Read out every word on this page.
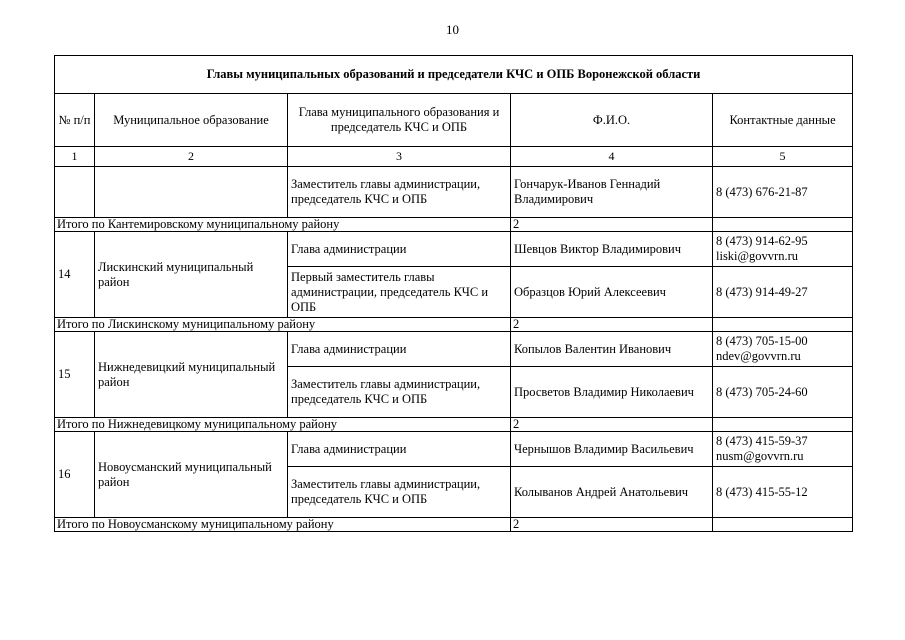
10
Главы муниципальных образований и председатели КЧС и ОПБ Воронежской области				
№ п/п	Муниципальное образование	Глава муниципального образования и председатель КЧС и ОПБ	Ф.И.О.	Контактные данные
1	2	3	4	5
		Заместитель главы администрации, председатель КЧС и ОПБ	Гончарук-Иванов Геннадий Владимирович	8 (473) 676-21-87
Итого по Кантемировскому муниципальному району			2	
14	Лискинский муниципальный район	Глава администрации	Шевцов Виктор Владимирович	8 (473) 914-62-95
liski@govvrn.ru

		Первый заместитель главы администрации, председатель КЧС и ОПБ	Образцов Юрий Алексеевич	8 (473) 914-49-27
Итого по Лискинскому муниципальному району			2	
15	Нижнедевицкий муниципальный район	Глава администрации	Копылов Валентин Иванович	8 (473) 705-15-00
ndev@govvrn.ru

		Заместитель главы администрации, председатель КЧС и ОПБ	Просветов Владимир Николаевич	8 (473) 705-24-60
Итого по Нижнедевицкому муниципальному району			2	
16	Новоусманский муниципальный район	Глава администрации	Чернышов Владимир Васильевич	8 (473) 415-59-37
nusm@govvrn.ru

		Заместитель главы администрации, председатель КЧС и ОПБ	Колыванов Андрей Анатольевич	8 (473) 415-55-12
Итого по Новоусманскому муниципальному району			2	
